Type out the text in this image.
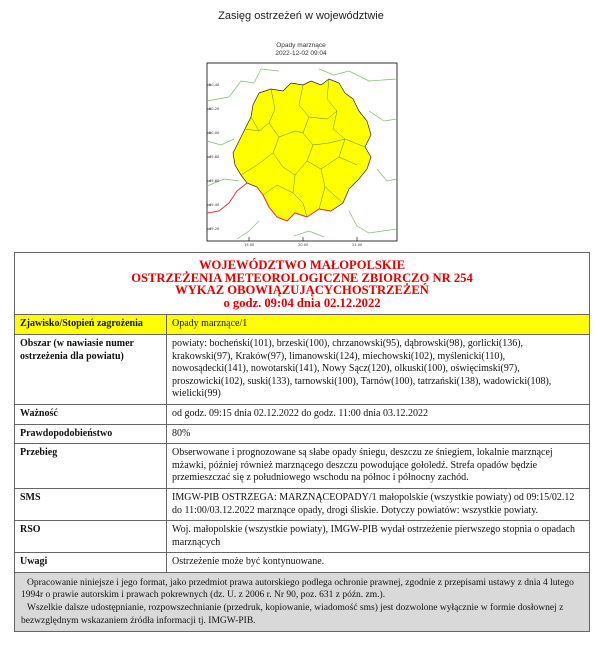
Zasięg ostrzeżeń w województwie
Opady marznące
2022-12-02 09:04
50.40
50.20
50.00
49.80
49.60
49.40
49.20
19.00	20.00	21.00
WOJEWÓDZTWO MAŁOPOLSKIE
OSTRZEŻENIA METEOROLOGICZNE ZBIORCZO NR 254
WYKAZ OBOWIĄZUJĄCYCHOSTRZEŻEŃ
o godz. 09:04 dnia 02.12.2022	

Zjawisko/Stopień zagrożenia	Opady marznące/1
Obszar (w nawiasie numer ostrzeżenia dla powiatu)	powiaty: bocheński(101), brzeski(100), chrzanowski(95), dąbrowski(98), gorlicki(136), krakowski(97), Kraków(97), limanowski(124), miechowski(102), myślenicki(110), nowosądecki(141), nowotarski(141), Nowy Sącz(120), olkuski(100), oświęcimski(97), proszowicki(102), suski(133), tarnowski(100), Tarnów(100), tatrzański(138), wadowicki(108), wielicki(99)
Ważność	od godz. 09:15 dnia 02.12.2022 do godz. 11:00 dnia 03.12.2022
Prawdopodobieństwo	80%
Przebieg	Obserwowane i prognozowane są słabe opady śniegu, deszczu ze śniegiem, lokalnie marznącej mżawki, później również marznącego deszczu powodujące gołoledź. Strefa opadów będzie przemieszczać się z południowego wschodu na północ i północny zachód.
SMS	IMGW-PIB OSTRZEGA: MARZNĄCEOPADY/1 małopolskie (wszystkie powiaty) od 09:15/02.12 do 11:00/03.12.2022 marznące opady, drogi śliskie. Dotyczy powiatów: wszystkie powiaty.
RSO	Woj. małopolskie (wszystkie powiaty), IMGW-PIB wydał ostrzeżenie pierwszego stopnia o opadach marznących
Uwagi	Ostrzeżenie może być kontynuowane.

Opracowanie niniejsze i jego format, jako przedmiot prawa autorskiego podlega ochronie prawnej, zgodnie z przepisami ustawy z dnia 4 lutego 1994r o prawie autorskim i prawach pokrewnych (dz. U. z 2006 r. Nr 90, poz. 631 z późn. zm.).
Wszelkie dalsze udostępnianie, rozpowszechnianie (przedruk, kopiowanie, wiadomość sms) jest dozwolone wyłącznie w formie dosłownej z bezwzględnym wskazaniem źródła informacji tj. IMGW-PIB.	
